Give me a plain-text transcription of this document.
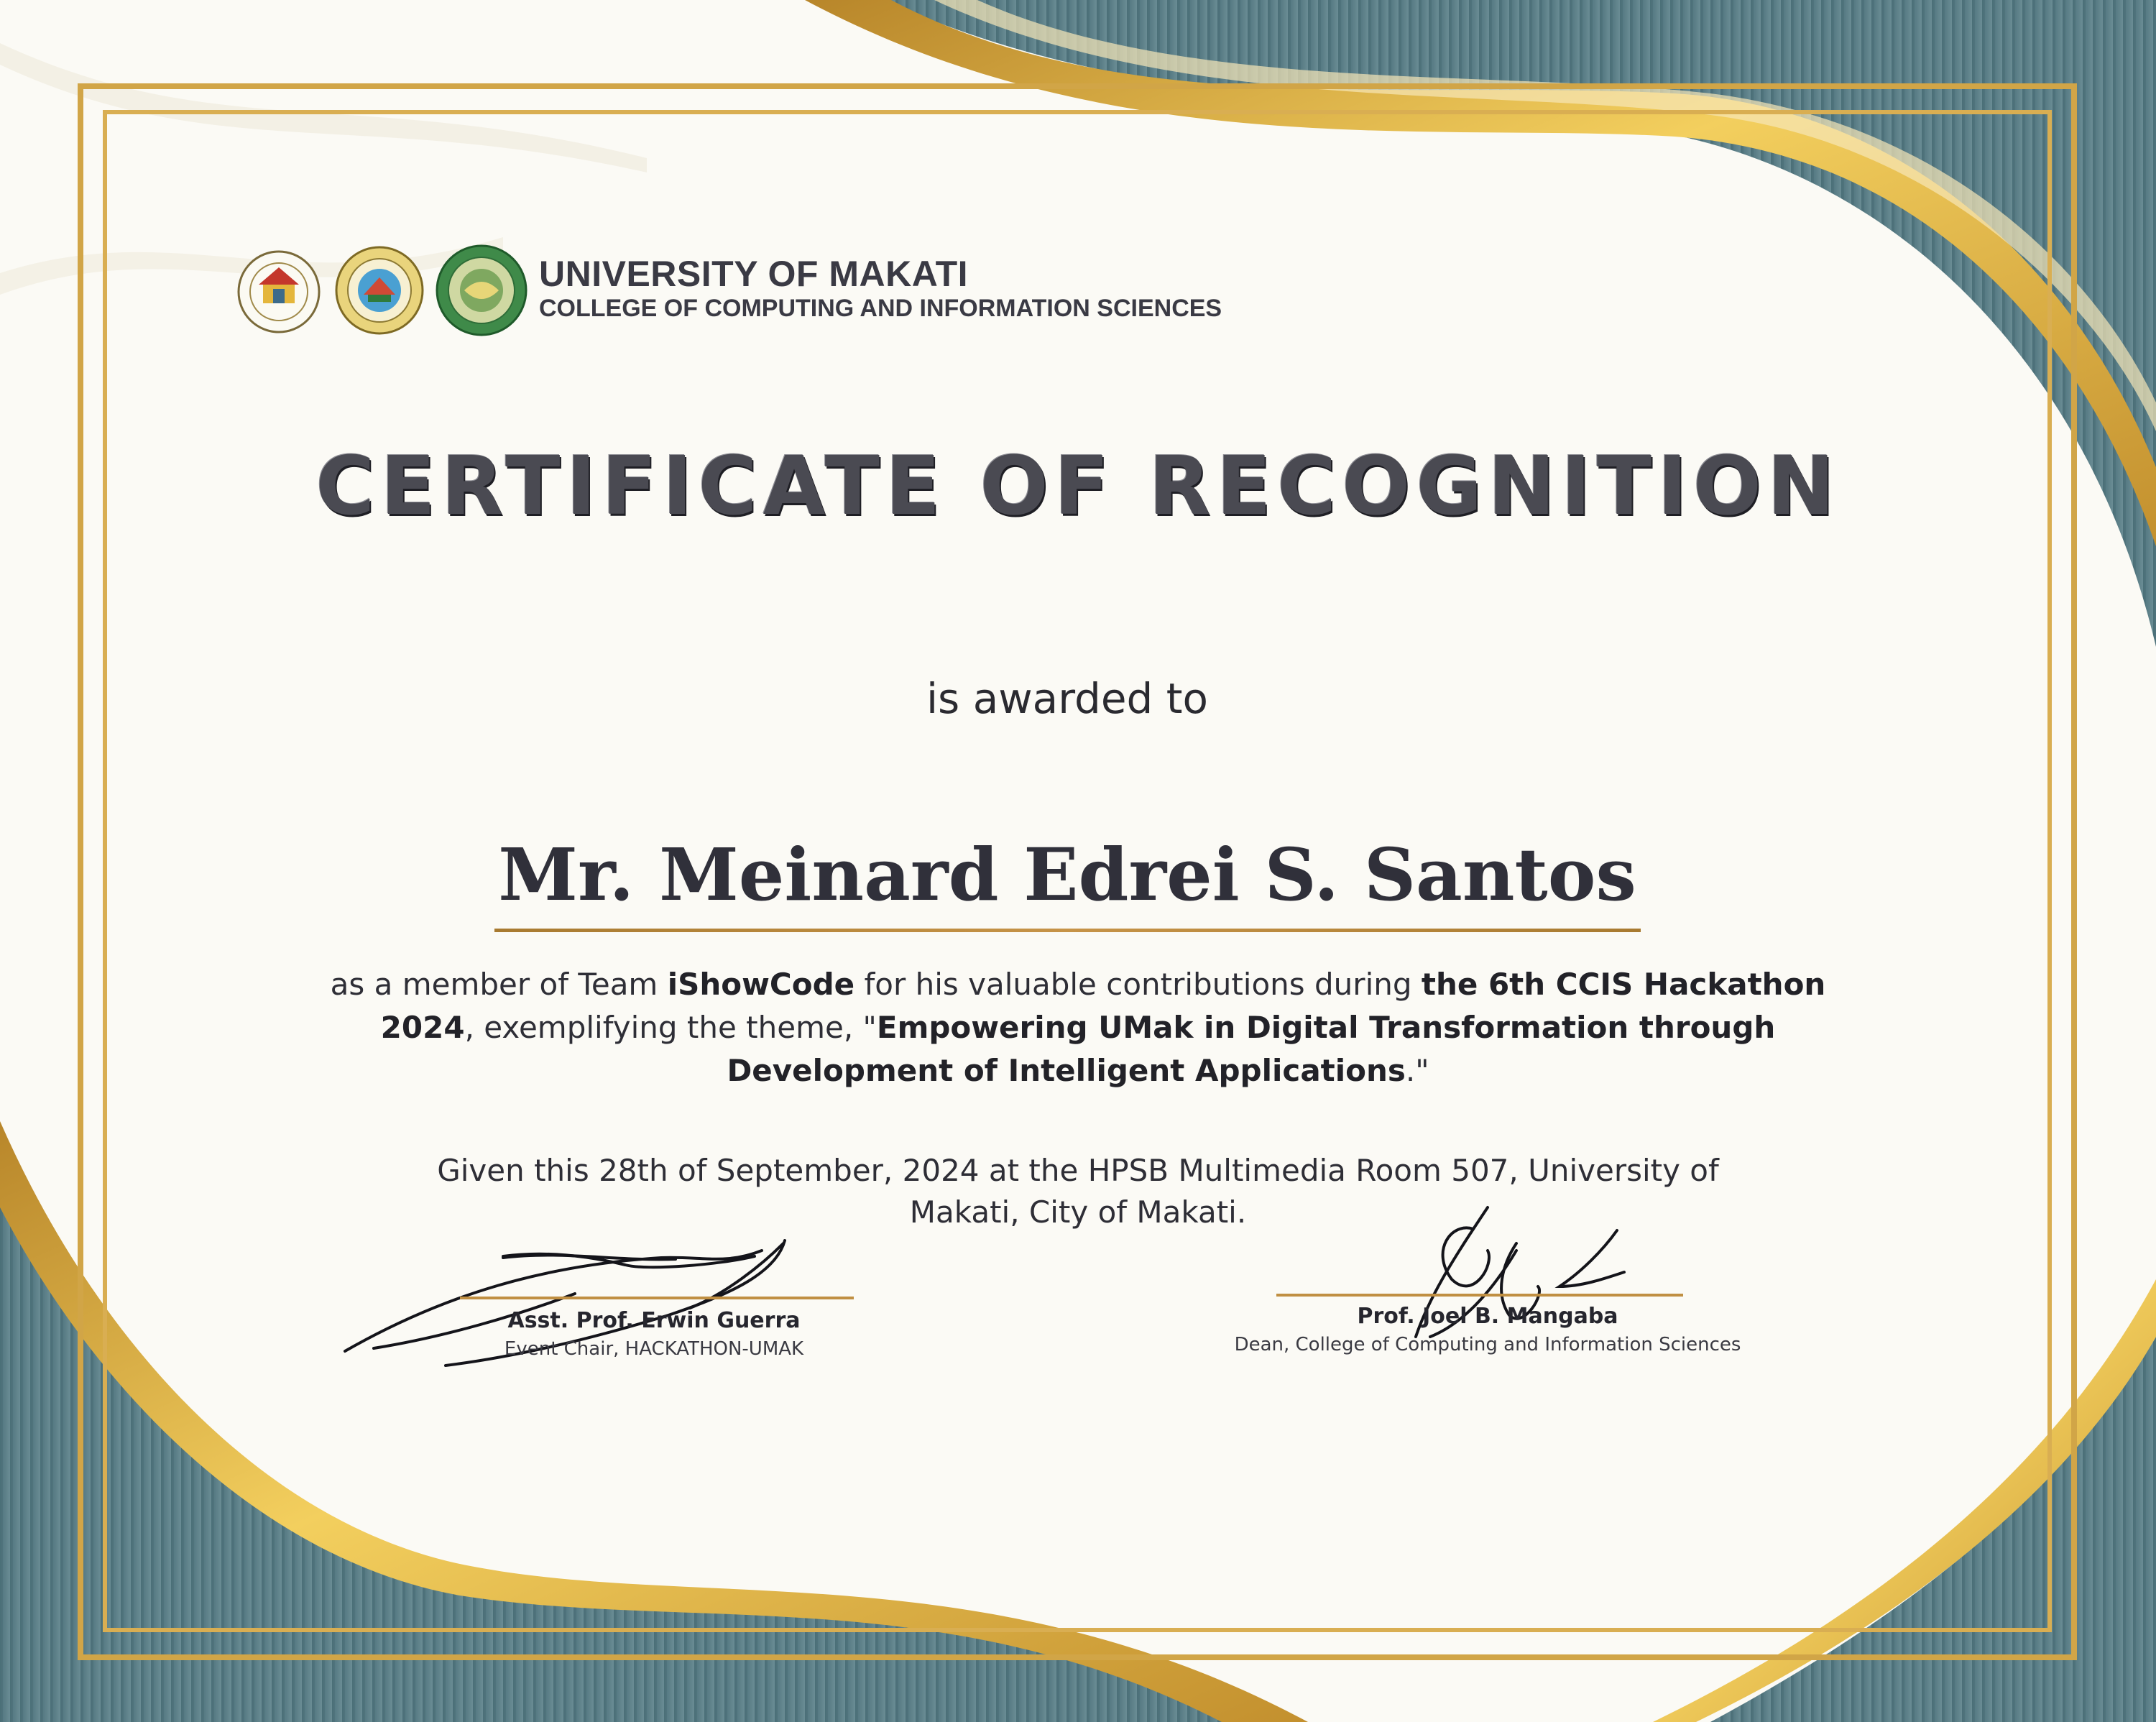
UNIVERSITY OF MAKATI
COLLEGE OF COMPUTING AND INFORMATION SCIENCES
CERTIFICATE OF RECOGNITION
is awarded to
Mr. Meinard Edrei S. Santos
as a member of Team iShowCode for his valuable contributions during the 6th CCIS Hackathon 2024, exemplifying the theme, "Empowering UMak in Digital Transformation through Development of Intelligent Applications."
Given this 28th of September, 2024 at the HPSB Multimedia Room 507, University of Makati, City of Makati.
Asst. Prof. Erwin Guerra
Event Chair, HACKATHON-UMAK
Prof. Joel B. Mangaba
Dean, College of Computing and Information Sciences
